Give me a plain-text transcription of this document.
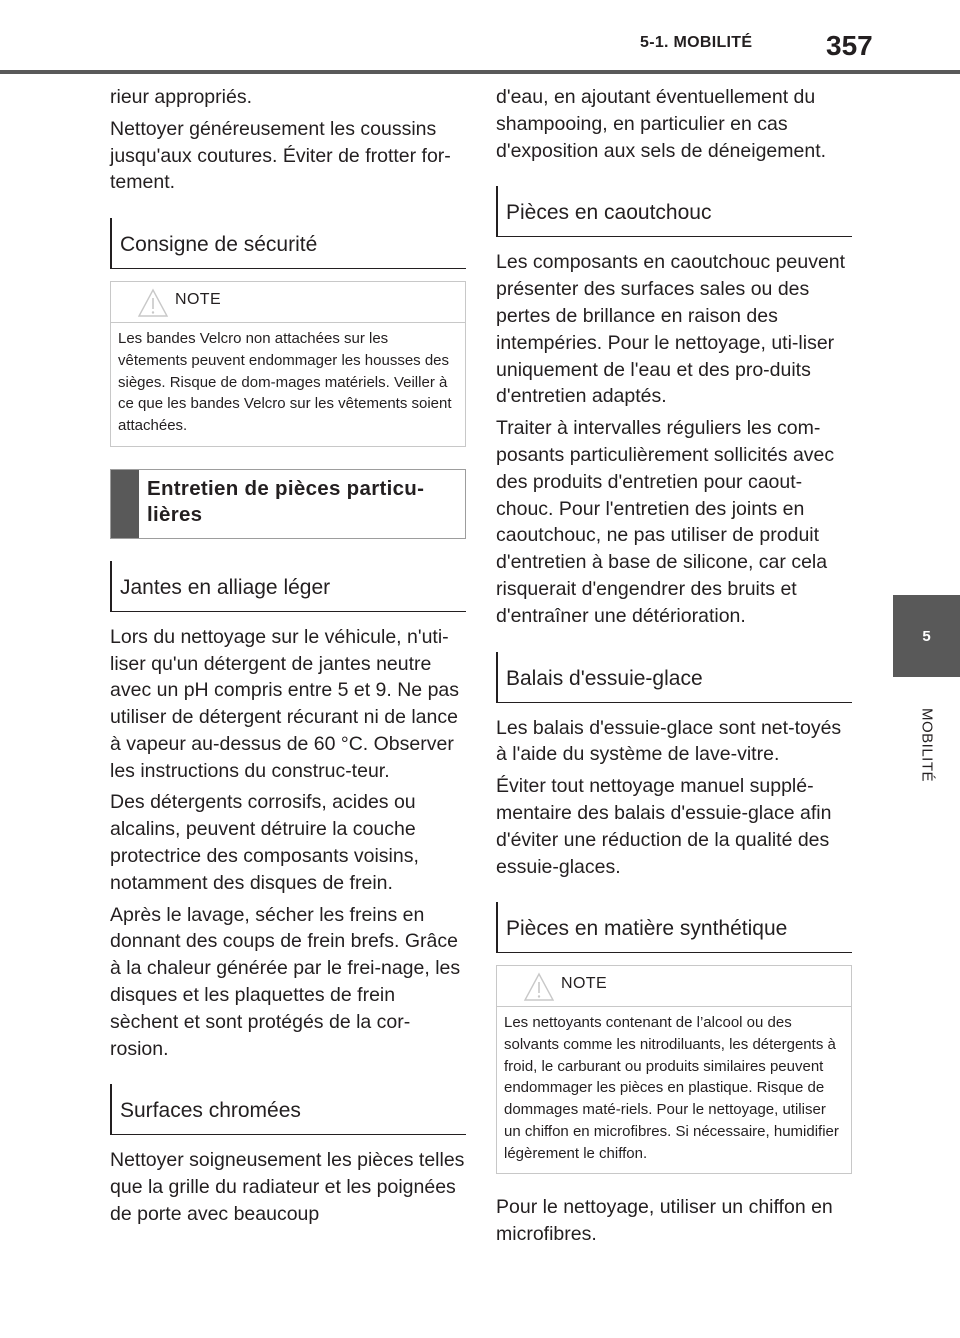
5-1. MOBILITÉ	357
5
MOBILITÉ

rieur appropriés.

Nettoyer généreusement les coussins jusqu'aux coutures. Éviter de frotter for-tement.

Consigne de sécurité
NOTE
Les bandes Velcro non attachées sur les vêtements peuvent endommager les housses des sièges. Risque de dom-mages matériels. Veiller à ce que les bandes Velcro sur les vêtements soient attachées.
Entretien de pièces particu-lières
Jantes en alliage léger

Lors du nettoyage sur le véhicule, n'uti-liser qu'un détergent de jantes neutre avec un pH compris entre 5 et 9. Ne pas utiliser de détergent récurant ni de lance à vapeur au-dessus de 60 °C. Observer les instructions du construc-teur.

Des détergents corrosifs, acides ou alcalins, peuvent détruire la couche protectrice des composants voisins, notamment des disques de frein.

Après le lavage, sécher les freins en donnant des coups de frein brefs. Grâce à la chaleur générée par le frei-nage, les disques et les plaquettes de frein sèchent et sont protégés de la cor-rosion.

Surfaces chromées

Nettoyer soigneusement les pièces telles que la grille du radiateur et les poignées de porte avec beaucoup

d'eau, en ajoutant éventuellement du shampooing, en particulier en cas d'exposition aux sels de déneigement.

Pièces en caoutchouc

Les composants en caoutchouc peuvent présenter des surfaces sales ou des pertes de brillance en raison des intempéries. Pour le nettoyage, uti-liser uniquement de l'eau et des pro-duits d'entretien adaptés.

Traiter à intervalles réguliers les com-posants particulièrement sollicités avec des produits d'entretien pour caout-chouc. Pour l'entretien des joints en caoutchouc, ne pas utiliser de produit d'entretien à base de silicone, car cela risquerait d'engendrer des bruits et d'entraîner une détérioration.

Balais d'essuie-glace

Les balais d'essuie-glace sont net-toyés à l'aide du système de lave-vitre.

Éviter tout nettoyage manuel supplé-mentaire des balais d'essuie-glace afin d'éviter une réduction de la qualité des essuie-glaces.

Pièces en matière synthétique
NOTE
Les nettoyants contenant de l’alcool ou des solvants comme les nitrodiluants, les détergents à froid, le carburant ou produits similaires peuvent endommager les pièces en plastique. Risque de dommages maté-riels. Pour le nettoyage, utiliser un chiffon en microfibres. Si nécessaire, humidifier légèrement le chiffon.

Pour le nettoyage, utiliser un chiffon en microfibres.
